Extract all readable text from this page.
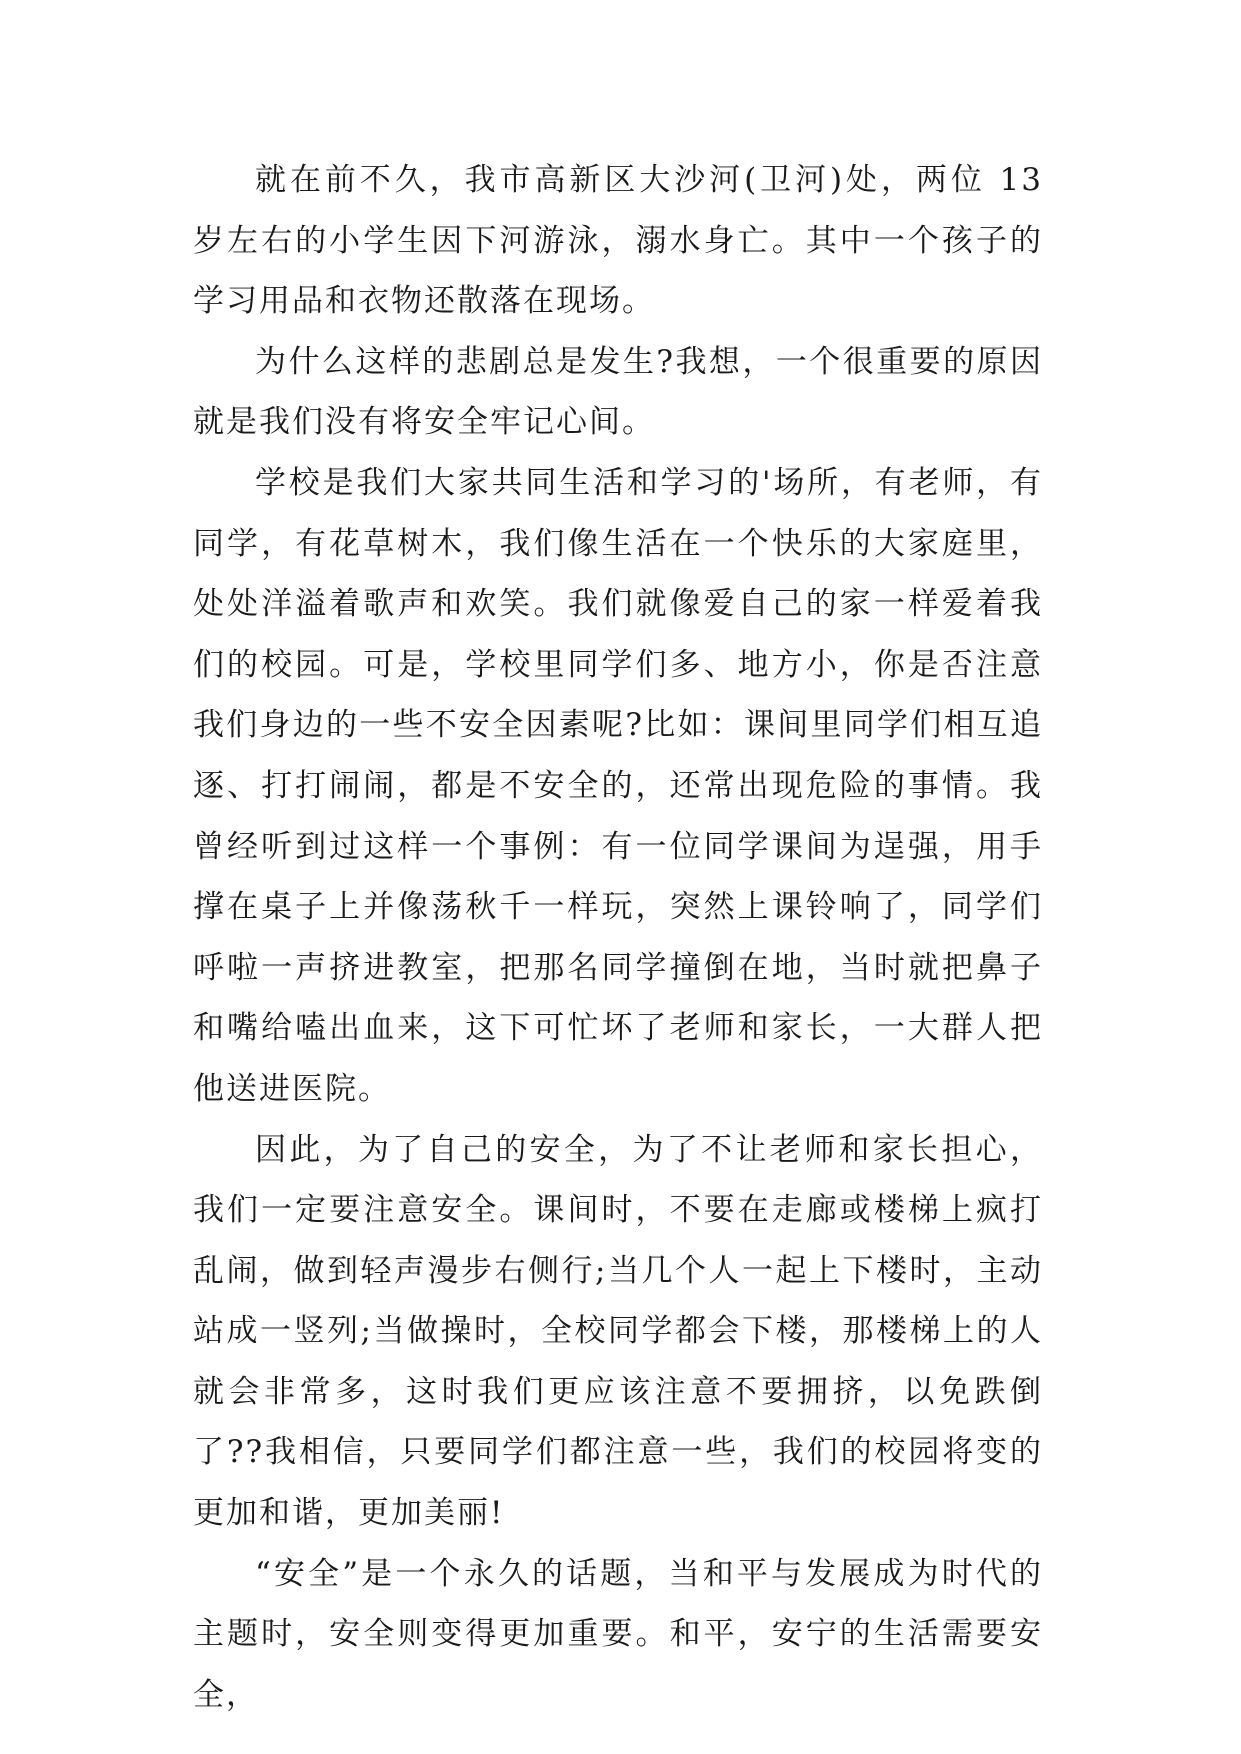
就在前不久，我市高新区大沙河(卫河)处，两位 13 岁左右的小学生因下河游泳，溺水身亡。其中一个孩子的学习用品和衣物还散落在现场。

为什么这样的悲剧总是发生?我想，一个很重要的原因就是我们没有将安全牢记心间。

学校是我们大家共同生活和学习的'场所，有老师，有同学，有花草树木，我们像生活在一个快乐的大家庭里，处处洋溢着歌声和欢笑。我们就像爱自己的家一样爱着我们的校园。可是，学校里同学们多、地方小，你是否注意我们身边的一些不安全因素呢?比如：课间里同学们相互追逐、打打闹闹，都是不安全的，还常出现危险的事情。我曾经听到过这样一个事例：有一位同学课间为逞强，用手撑在桌子上并像荡秋千一样玩，突然上课铃响了，同学们呼啦一声挤进教室，把那名同学撞倒在地，当时就把鼻子和嘴给嗑出血来，这下可忙坏了老师和家长，一大群人把他送进医院。

因此，为了自己的安全，为了不让老师和家长担心，我们一定要注意安全。课间时，不要在走廊或楼梯上疯打乱闹，做到轻声漫步右侧行;当几个人一起上下楼时，主动站成一竖列;当做操时，全校同学都会下楼，那楼梯上的人就会非常多，这时我们更应该注意不要拥挤，以免跌倒了??我相信，只要同学们都注意一些，我们的校园将变的更加和谐，更加美丽!

“安全”是一个永久的话题，当和平与发展成为时代的主题时，安全则变得更加重要。和平，安宁的生活需要安全，
